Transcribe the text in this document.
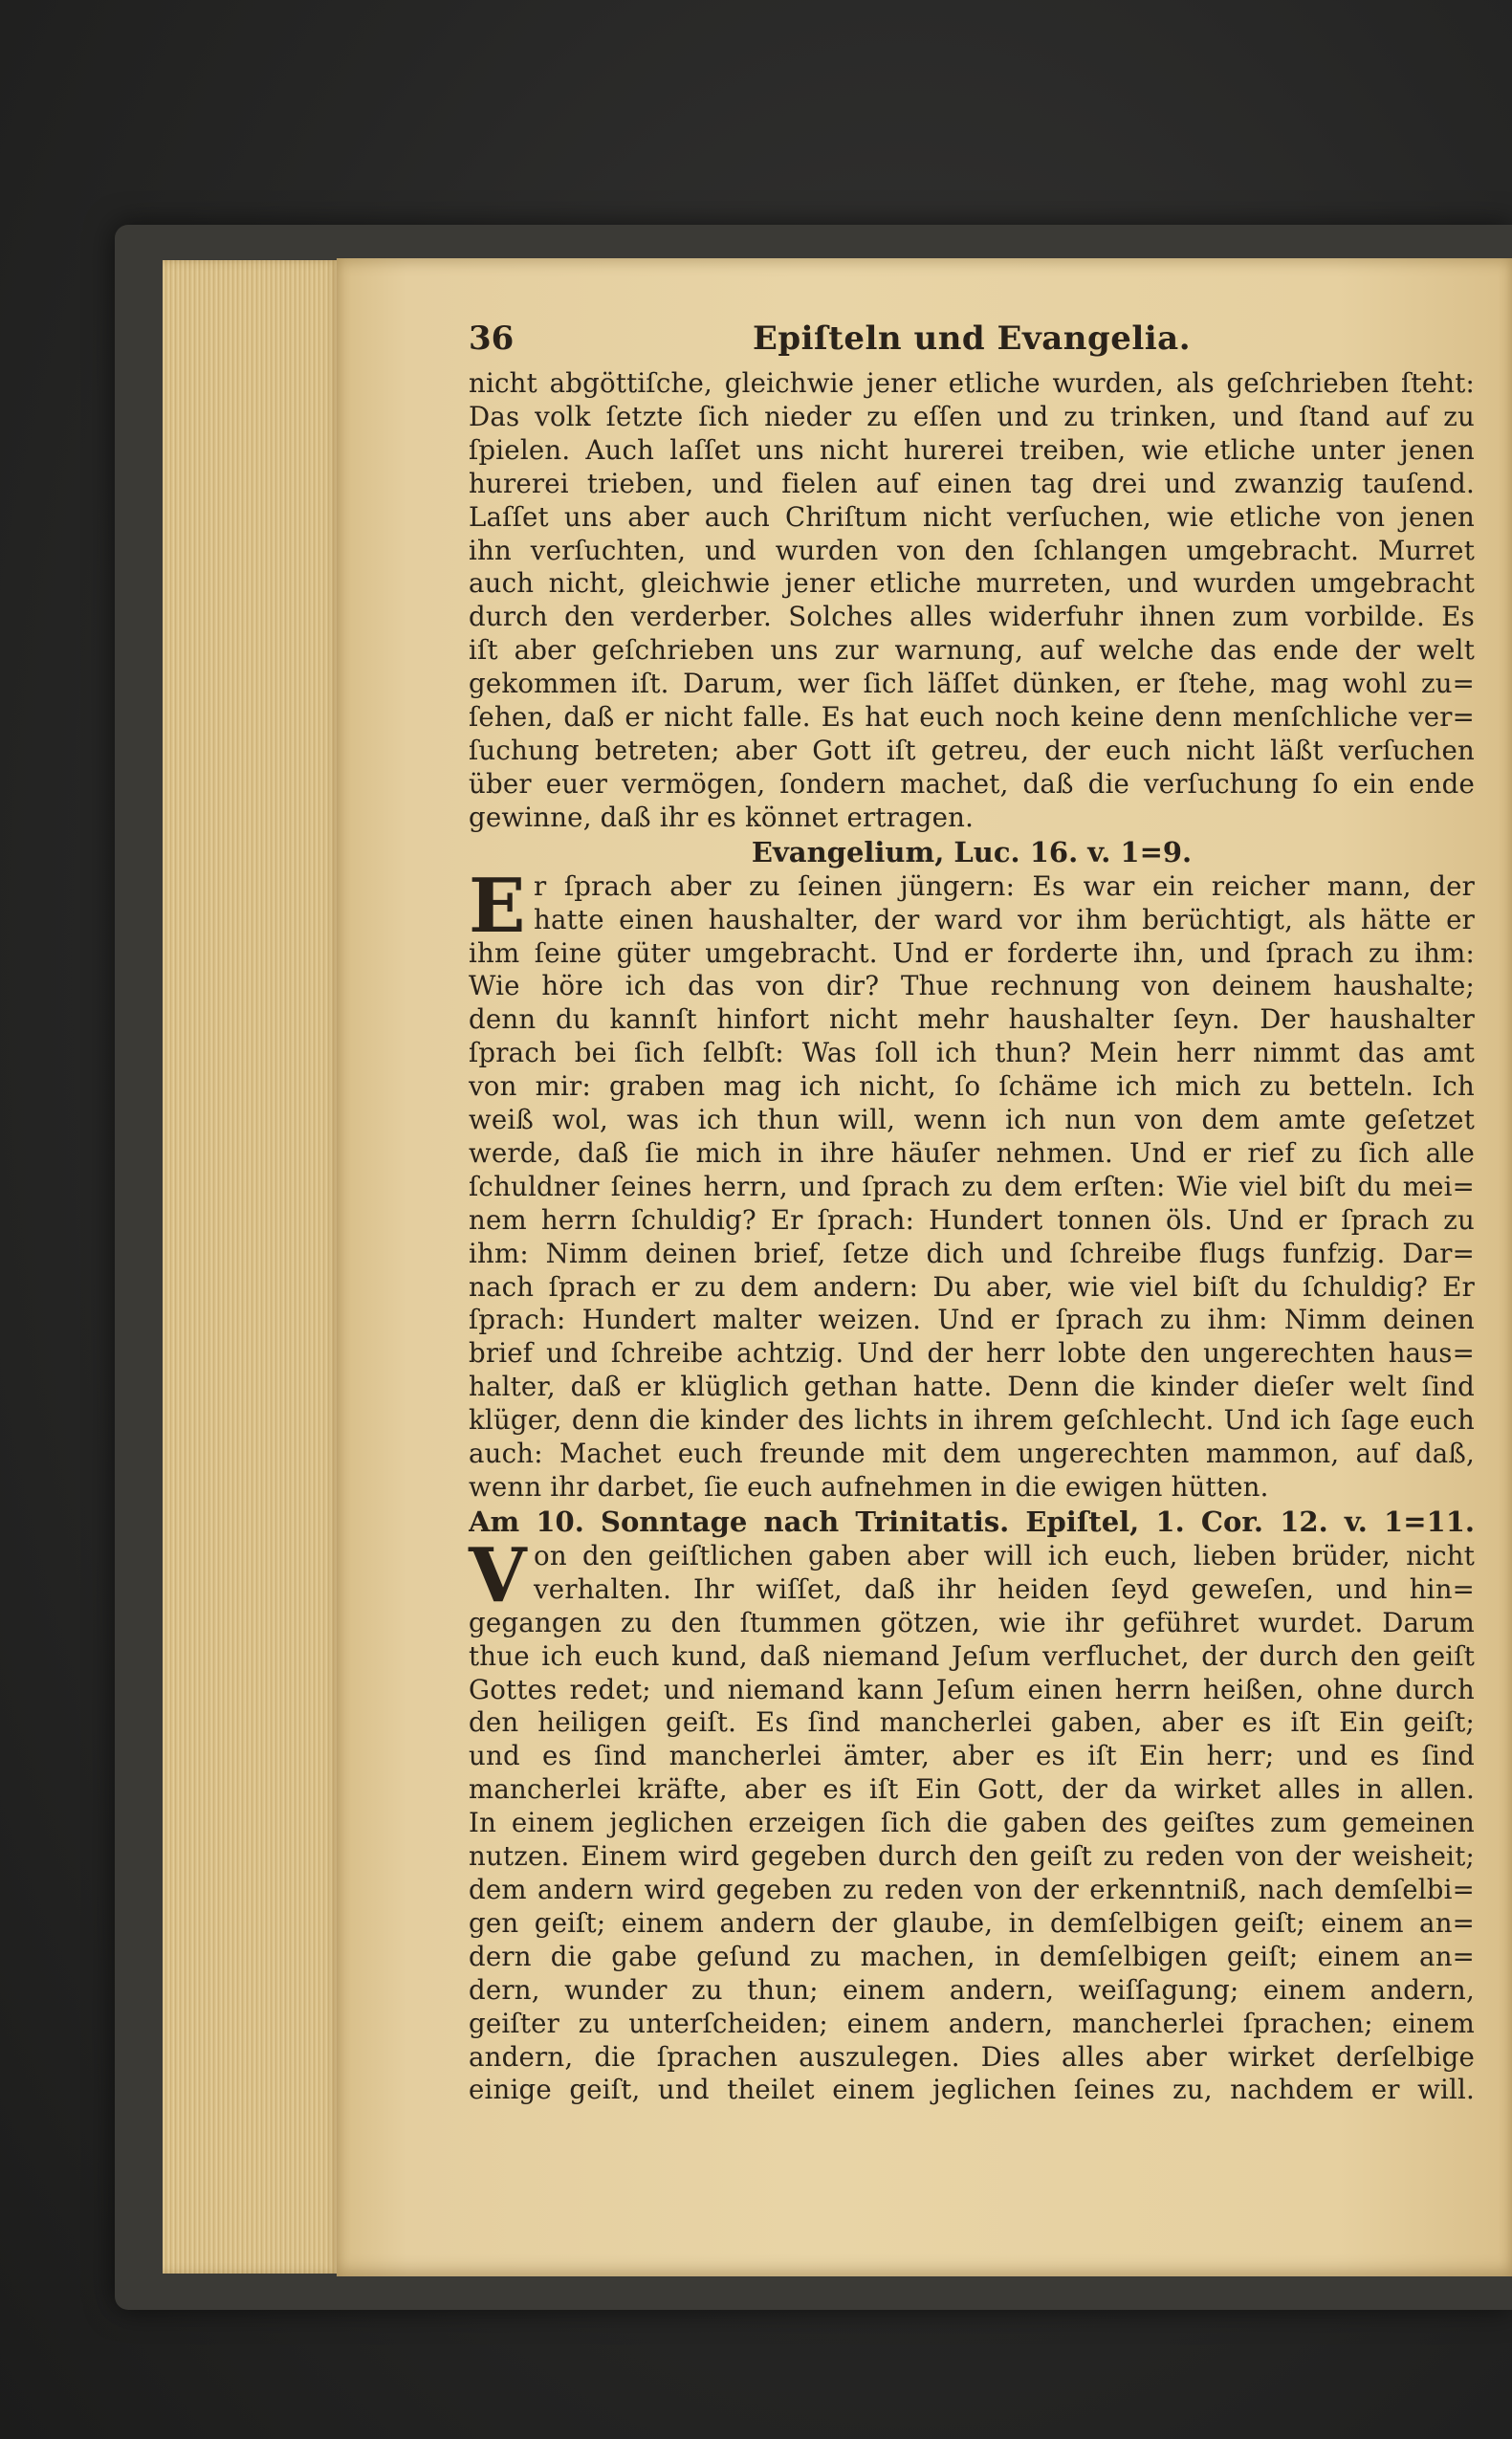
36	Epiſteln und Evangelia.
nicht abgöttiſche, gleichwie jener etliche wurden, als geſchrieben ſteht:
Das volk ſetzte ſich nieder zu eſſen und zu trinken, und ſtand auf zu
ſpielen. Auch laſſet uns nicht hurerei treiben, wie etliche unter jenen
hurerei trieben, und fielen auf einen tag drei und zwanzig tauſend.
Laſſet uns aber auch Chriſtum nicht verſuchen, wie etliche von jenen
ihn verſuchten, und wurden von den ſchlangen umgebracht. Murret
auch nicht, gleichwie jener etliche murreten, und wurden umgebracht
durch den verderber. Solches alles widerfuhr ihnen zum vorbilde. Es
iſt aber geſchrieben uns zur warnung, auf welche das ende der welt
gekommen iſt. Darum, wer ſich läſſet dünken, er ſtehe, mag wohl zu=
ſehen, daß er nicht falle. Es hat euch noch keine denn menſchliche ver=
ſuchung betreten; aber Gott iſt getreu, der euch nicht läßt verſuchen
über euer vermögen, ſondern machet, daß die verſuchung ſo ein ende
gewinne, daß ihr es könnet ertragen.
Evangelium, Luc. 16. v. 1=9.
E r ſprach aber zu ſeinen jüngern: Es war ein reicher mann, der
hatte einen haushalter, der ward vor ihm berüchtigt, als hätte er
ihm ſeine güter umgebracht. Und er forderte ihn, und ſprach zu ihm:
Wie höre ich das von dir? Thue rechnung von deinem haushalte;
denn du kannſt hinfort nicht mehr haushalter ſeyn. Der haushalter
ſprach bei ſich ſelbſt: Was ſoll ich thun? Mein herr nimmt das amt
von mir: graben mag ich nicht, ſo ſchäme ich mich zu betteln. Ich
weiß wol, was ich thun will, wenn ich nun von dem amte geſetzet
werde, daß ſie mich in ihre häuſer nehmen. Und er rief zu ſich alle
ſchuldner ſeines herrn, und ſprach zu dem erſten: Wie viel biſt du mei=
nem herrn ſchuldig? Er ſprach: Hundert tonnen öls. Und er ſprach zu
ihm: Nimm deinen brief, ſetze dich und ſchreibe flugs funfzig. Dar=
nach ſprach er zu dem andern: Du aber, wie viel biſt du ſchuldig? Er
ſprach: Hundert malter weizen. Und er ſprach zu ihm: Nimm deinen
brief und ſchreibe achtzig. Und der herr lobte den ungerechten haus=
halter, daß er klüglich gethan hatte. Denn die kinder dieſer welt ſind
klüger, denn die kinder des lichts in ihrem geſchlecht. Und ich ſage euch
auch: Machet euch freunde mit dem ungerechten mammon, auf daß,
wenn ihr darbet, ſie euch aufnehmen in die ewigen hütten.
Am 10. Sonntage nach Trinitatis. Epiſtel, 1. Cor. 12. v. 1=11.
V on den geiſtlichen gaben aber will ich euch, lieben brüder, nicht
verhalten. Ihr wiſſet, daß ihr heiden ſeyd geweſen, und hin=
gegangen zu den ſtummen götzen, wie ihr geführet wurdet. Darum
thue ich euch kund, daß niemand Jeſum verfluchet, der durch den geiſt
Gottes redet; und niemand kann Jeſum einen herrn heißen, ohne durch
den heiligen geiſt. Es ſind mancherlei gaben, aber es iſt Ein geiſt;
und es ſind mancherlei ämter, aber es iſt Ein herr; und es ſind
mancherlei kräfte, aber es iſt Ein Gott, der da wirket alles in allen.
In einem jeglichen erzeigen ſich die gaben des geiſtes zum gemeinen
nutzen. Einem wird gegeben durch den geiſt zu reden von der weisheit;
dem andern wird gegeben zu reden von der erkenntniß, nach demſelbi=
gen geiſt; einem andern der glaube, in demſelbigen geiſt; einem an=
dern die gabe geſund zu machen, in demſelbigen geiſt; einem an=
dern, wunder zu thun; einem andern, weiſſagung; einem andern,
geiſter zu unterſcheiden; einem andern, mancherlei ſprachen; einem
andern, die ſprachen auszulegen. Dies alles aber wirket derſelbige
einige geiſt, und theilet einem jeglichen ſeines zu, nachdem er will.
